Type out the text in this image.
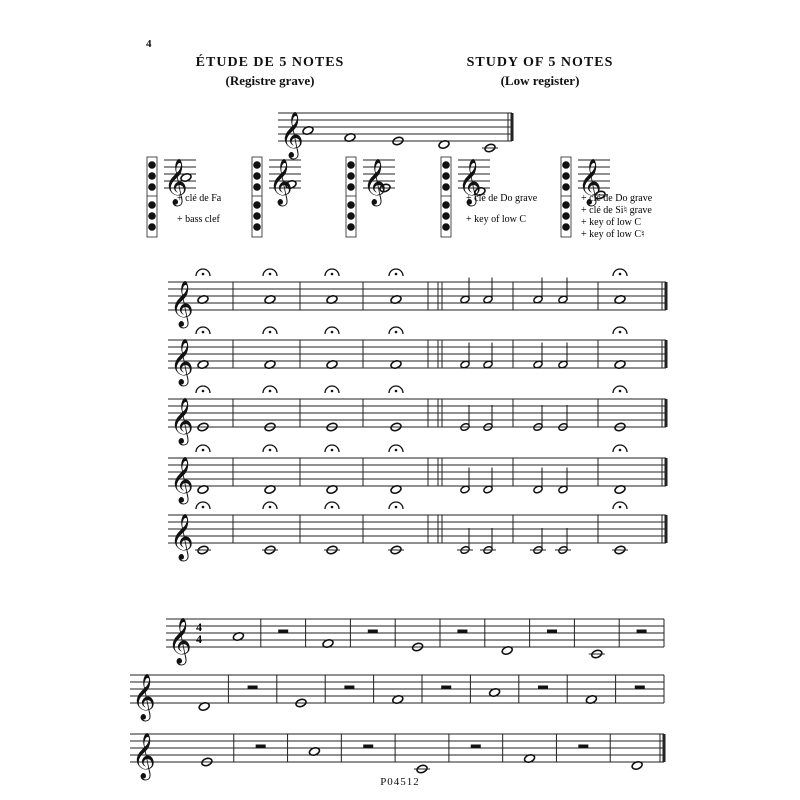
4
ÉTUDE DE 5 NOTES
(Registre grave)
STUDY OF 5 NOTES
(Low register)
+ clé de Fa
+ bass clef
+ clé de Do grave
+ key of low C
+ clé de Do grave
+ clé de Si♮ grave
+ key of low C
+ key of low C♮
4
4
𝄞
𝄞 𝄞 𝄞 𝄞 𝄞
𝄞
𝄞
𝄞
𝄞
𝄞
𝄞
𝄞
𝄞
P04512
